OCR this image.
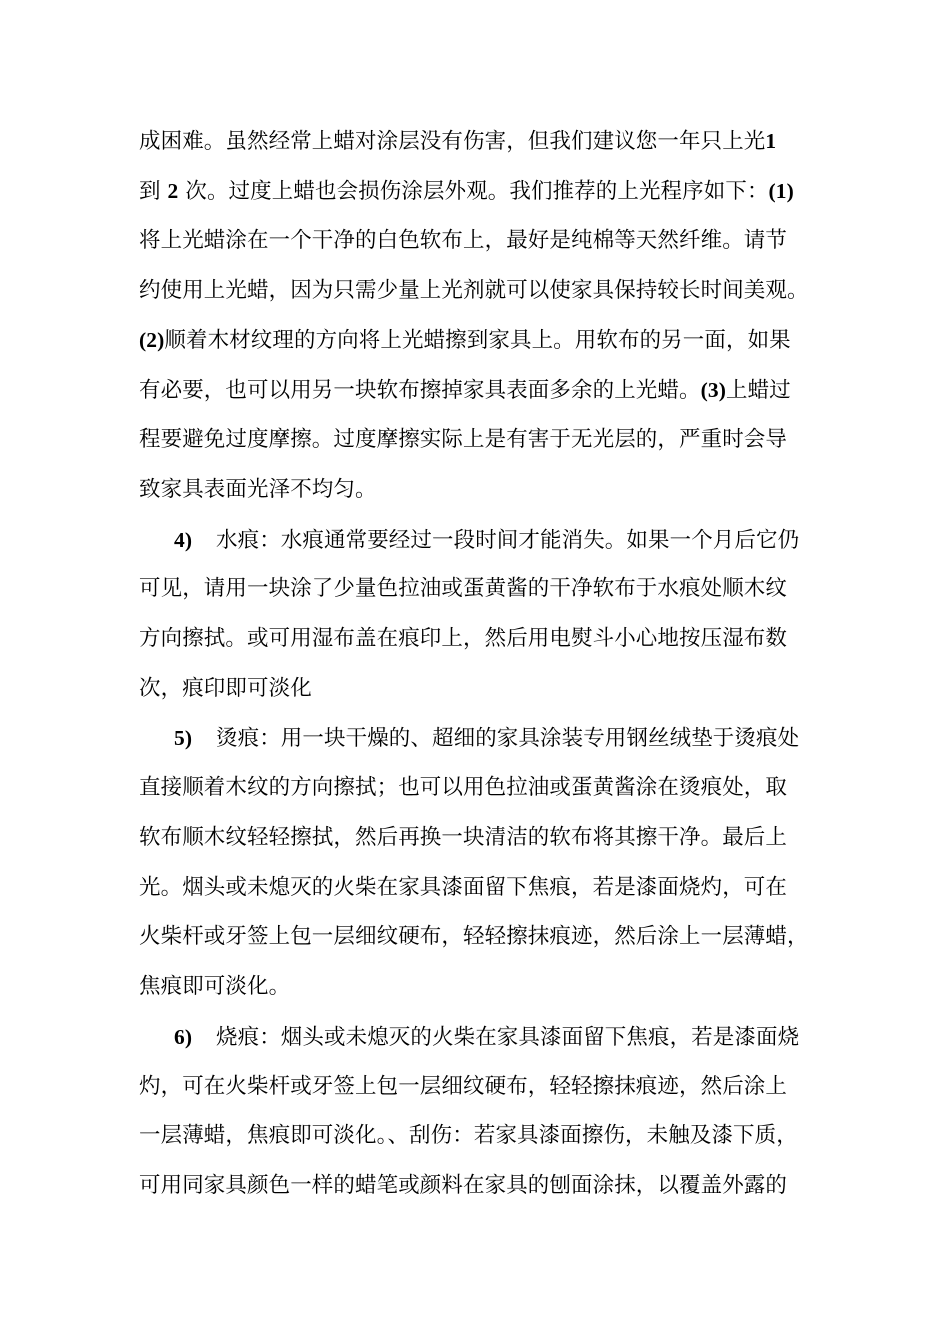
成困难。虽然经常上蜡对涂层没有伤害，但我们建议您一年只上光1
到 2 次。过度上蜡也会损伤涂层外观。我们推荐的上光程序如下：(1)
将上光蜡涂在一个干净的白色软布上，最好是纯棉等天然纤维。请节
约使用上光蜡，因为只需少量上光剂就可以使家具保持较长时间美观。
(2)顺着木材纹理的方向将上光蜡擦到家具上。用软布的另一面，如果
有必要，也可以用另一块软布擦掉家具表面多余的上光蜡。(3)上蜡过
程要避免过度摩擦。过度摩擦实际上是有害于无光层的，严重时会导
致家具表面光泽不均匀。
4) 水痕：水痕通常要经过一段时间才能消失。如果一个月后它仍
可见，请用一块涂了少量色拉油或蛋黄酱的干净软布于水痕处顺木纹
方向擦拭。或可用湿布盖在痕印上，然后用电熨斗小心地按压湿布数
次，痕印即可淡化
5) 烫痕：用一块干燥的、超细的家具涂装专用钢丝绒垫于烫痕处
直接顺着木纹的方向擦拭；也可以用色拉油或蛋黄酱涂在烫痕处，取
软布顺木纹轻轻擦拭，然后再换一块清洁的软布将其擦干净。最后上
光。烟头或未熄灭的火柴在家具漆面留下焦痕，若是漆面烧灼，可在
火柴杆或牙签上包一层细纹硬布，轻轻擦抹痕迹，然后涂上一层薄蜡，
焦痕即可淡化。
6) 烧痕：烟头或未熄灭的火柴在家具漆面留下焦痕，若是漆面烧
灼，可在火柴杆或牙签上包一层细纹硬布，轻轻擦抹痕迹，然后涂上
一层薄蜡，焦痕即可淡化。、刮伤：若家具漆面擦伤，未触及漆下质，
可用同家具颜色一样的蜡笔或颜料在家具的刨面涂抹，以覆盖外露的
